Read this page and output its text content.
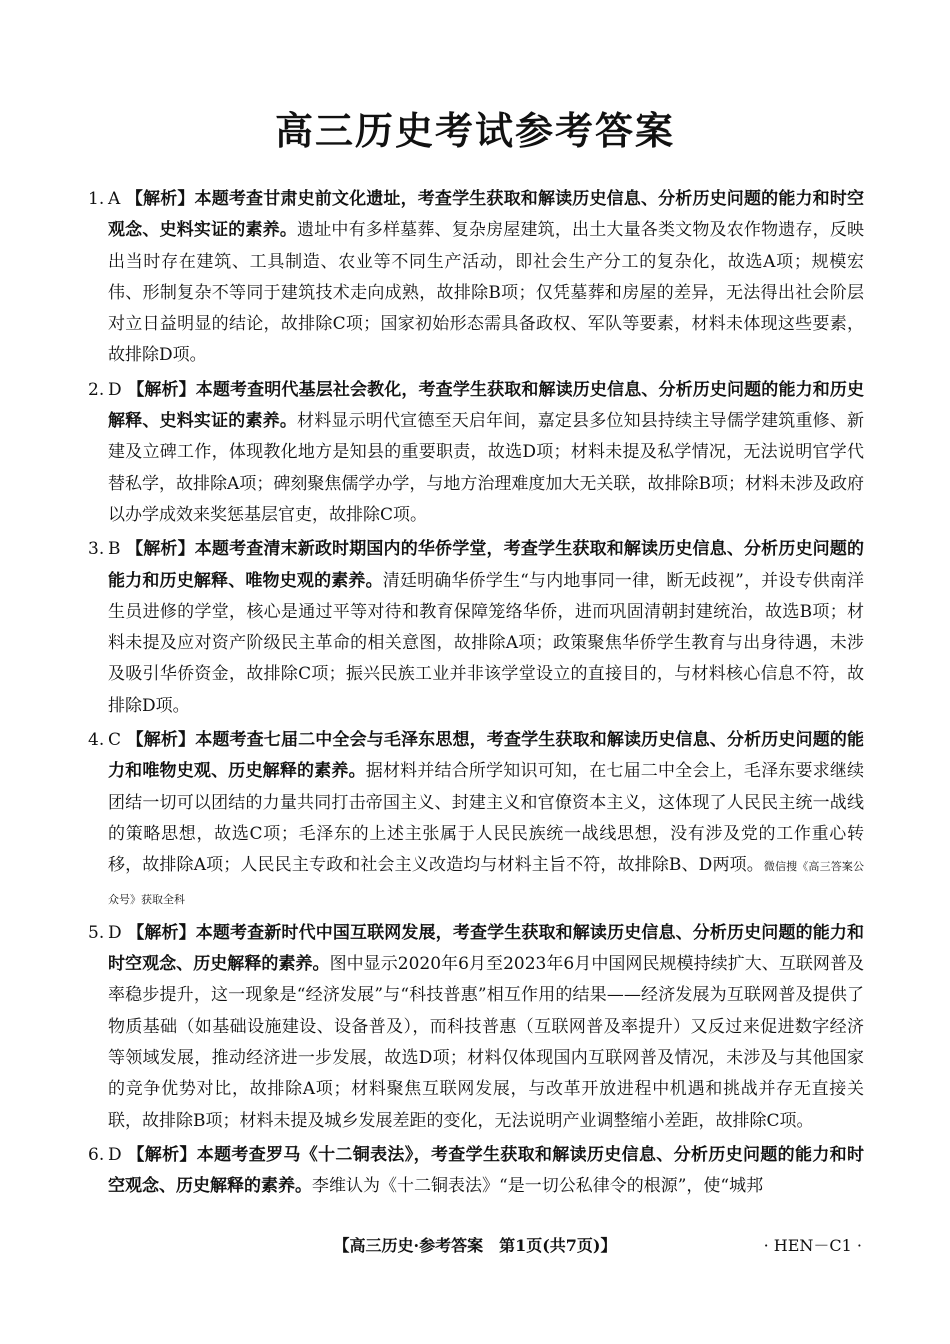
高三历史考试参考答案
1. A 【解析】本题考查甘肃史前文化遗址，考查学生获取和解读历史信息、分析历史问题的能力和时空观念、史料实证的素养。遗址中有多样墓葬、复杂房屋建筑，出土大量各类文物及农作物遗存，反映出当时存在建筑、工具制造、农业等不同生产活动，即社会生产分工的复杂化，故选A项；规模宏伟、形制复杂不等同于建筑技术走向成熟，故排除B项；仅凭墓葬和房屋的差异，无法得出社会阶层对立日益明显的结论，故排除C项；国家初始形态需具备政权、军队等要素，材料未体现这些要素，故排除D项。
2. D 【解析】本题考查明代基层社会教化，考查学生获取和解读历史信息、分析历史问题的能力和历史解释、史料实证的素养。材料显示明代宣德至天启年间，嘉定县多位知县持续主导儒学建筑重修、新建及立碑工作，体现教化地方是知县的重要职责，故选D项；材料未提及私学情况，无法说明官学代替私学，故排除A项；碑刻聚焦儒学办学，与地方治理难度加大无关联，故排除B项；材料未涉及政府以办学成效来奖惩基层官吏，故排除C项。
3. B 【解析】本题考查清末新政时期国内的华侨学堂，考查学生获取和解读历史信息、分析历史问题的能力和历史解释、唯物史观的素养。清廷明确华侨学生“与内地事同一律，断无歧视”，并设专供南洋生员进修的学堂，核心是通过平等对待和教育保障笼络华侨，进而巩固清朝封建统治，故选B项；材料未提及应对资产阶级民主革命的相关意图，故排除A项；政策聚焦华侨学生教育与出身待遇，未涉及吸引华侨资金，故排除C项；振兴民族工业并非该学堂设立的直接目的，与材料核心信息不符，故排除D项。
4. C 【解析】本题考查七届二中全会与毛泽东思想，考查学生获取和解读历史信息、分析历史问题的能力和唯物史观、历史解释的素养。据材料并结合所学知识可知，在七届二中全会上，毛泽东要求继续团结一切可以团结的力量共同打击帝国主义、封建主义和官僚资本主义，这体现了人民民主统一战线的策略思想，故选C项；毛泽东的上述主张属于人民民族统一战线思想，没有涉及党的工作重心转移，故排除A项；人民民主专政和社会主义改造均与材料主旨不符，故排除B、D两项。微信搜《高三答案公众号》获取全科
5. D 【解析】本题考查新时代中国互联网发展，考查学生获取和解读历史信息、分析历史问题的能力和时空观念、历史解释的素养。图中显示2020年6月至2023年6月中国网民规模持续扩大、互联网普及率稳步提升，这一现象是“经济发展”与“科技普惠”相互作用的结果——经济发展为互联网普及提供了物质基础（如基础设施建设、设备普及），而科技普惠（互联网普及率提升）又反过来促进数字经济等领域发展，推动经济进一步发展，故选D项；材料仅体现国内互联网普及情况，未涉及与其他国家的竞争优势对比，故排除A项；材料聚焦互联网发展，与改革开放进程中机遇和挑战并存无直接关联，故排除B项；材料未提及城乡发展差距的变化，无法说明产业调整缩小差距，故排除C项。
6. D 【解析】本题考查罗马《十二铜表法》，考查学生获取和解读历史信息、分析历史问题的能力和时空观念、历史解释的素养。李维认为《十二铜表法》“是一切公私律令的根源”，使“城邦
【高三历史·参考答案　第1页(共7页)】	· HEN－C1 ·
